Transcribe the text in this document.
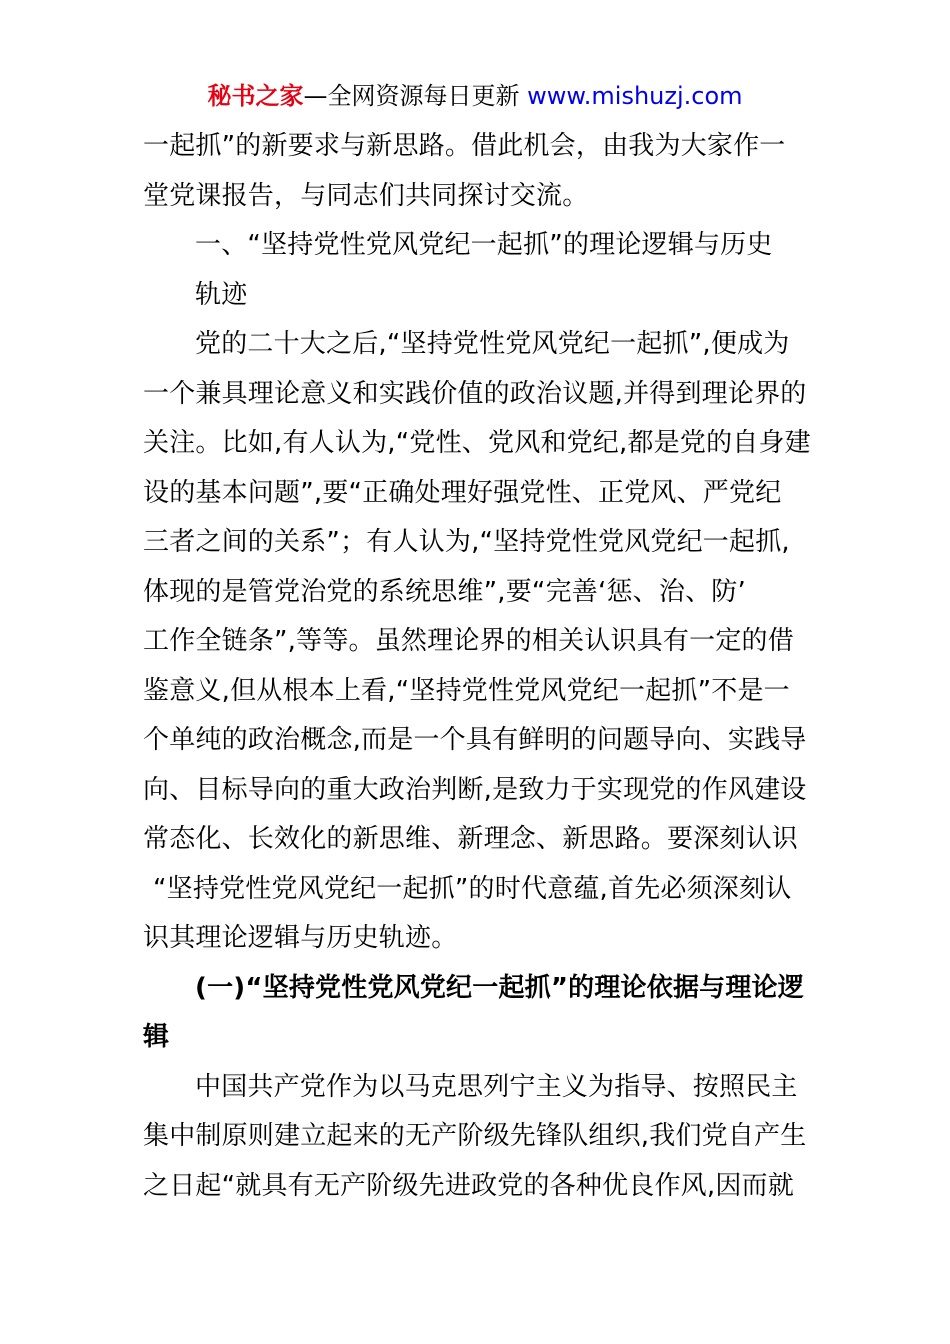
秘书之家—全网资源每日更新 www.mishuzj.com

一起抓”的新要求与新思路。借此机会，由我为大家作一
堂党课报告，与同志们共同探讨交流。

一、“坚持党性党风党纪一起抓”的理论逻辑与历史
轨迹

党的二十大之后,“坚持党性党风党纪一起抓”,便成为
一个兼具理论意义和实践价值的政治议题,并得到理论界的
关注。比如,有人认为,“党性、党风和党纪,都是党的自身建
设的基本问题”,要“正确处理好强党性、正党风、严党纪
三者之间的关系”；有人认为,“坚持党性党风党纪一起抓,
体现的是管党治党的系统思维”,要“完善‘惩、治、防’
工作全链条”,等等。虽然理论界的相关认识具有一定的借
鉴意义,但从根本上看,“坚持党性党风党纪一起抓”不是一
个单纯的政治概念,而是一个具有鲜明的问题导向、实践导
向、目标导向的重大政治判断,是致力于实现党的作风建设
常态化、长效化的新思维、新理念、新思路。要深刻认识
“坚持党性党风党纪一起抓”的时代意蕴,首先必须深刻认
识其理论逻辑与历史轨迹。

(一)“坚持党性党风党纪一起抓”的理论依据与理论逻
辑

中国共产党作为以马克思列宁主义为指导、按照民主
集中制原则建立起来的无产阶级先锋队组织,我们党自产生
之日起“就具有无产阶级先进政党的各种优良作风,因而就
